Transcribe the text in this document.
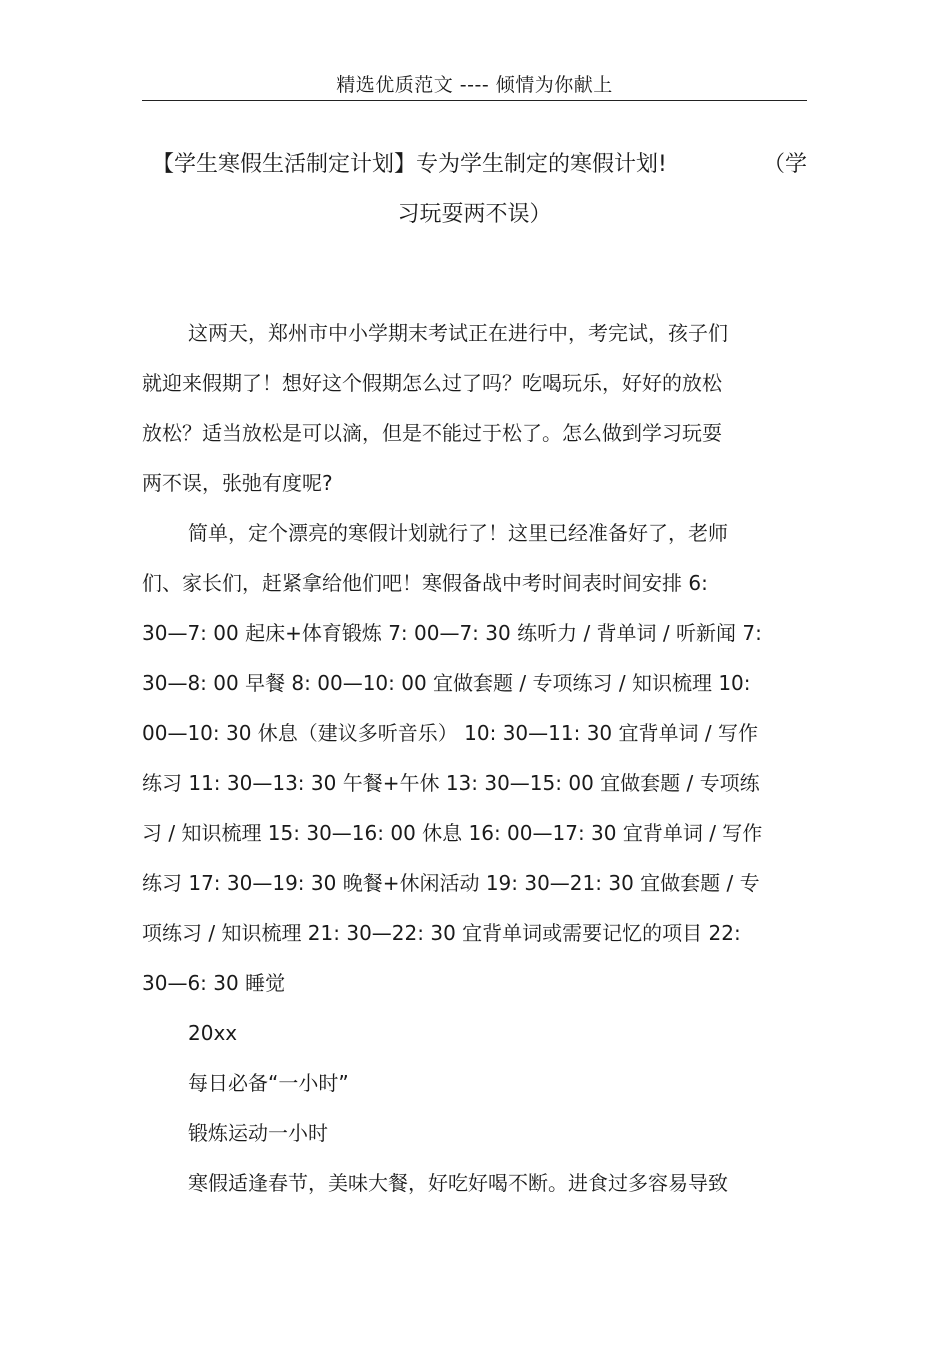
精选优质范文 ---- 倾情为你献上
【学生寒假生活制定计划】专为学生制定的寒假计划!	（学
习玩耍两不误）
这两天，郑州市中小学期末考试正在进行中，考完试，孩子们
就迎来假期了！想好这个假期怎么过了吗？吃喝玩乐，好好的放松
放松？适当放松是可以滴，但是不能过于松了。怎么做到学习玩耍
两不误，张弛有度呢?
简单，定个漂亮的寒假计划就行了！这里已经准备好了，老师
们、家长们，赶紧拿给他们吧！寒假备战中考时间表时间安排 6:
30—7: 00 起床+体育锻炼 7: 00—7: 30 练听力 / 背单词 / 听新闻 7:
30—8: 00 早餐 8: 00—10: 00 宜做套题 / 专项练习 / 知识梳理 10:
00—10: 30 休息（建议多听音乐） 10: 30—11: 30 宜背单词 / 写作
练习 11: 30—13: 30 午餐+午休 13: 30—15: 00 宜做套题 / 专项练
习 / 知识梳理 15: 30—16: 00 休息 16: 00—17: 30 宜背单词 / 写作
练习 17: 30—19: 30 晚餐+休闲活动 19: 30—21: 30 宜做套题 / 专
项练习 / 知识梳理 21: 30—22: 30 宜背单词或需要记忆的项目 22:
30—6: 30 睡觉
20xx
每日必备“一小时”
锻炼运动一小时
寒假适逢春节，美味大餐，好吃好喝不断。进食过多容易导致
